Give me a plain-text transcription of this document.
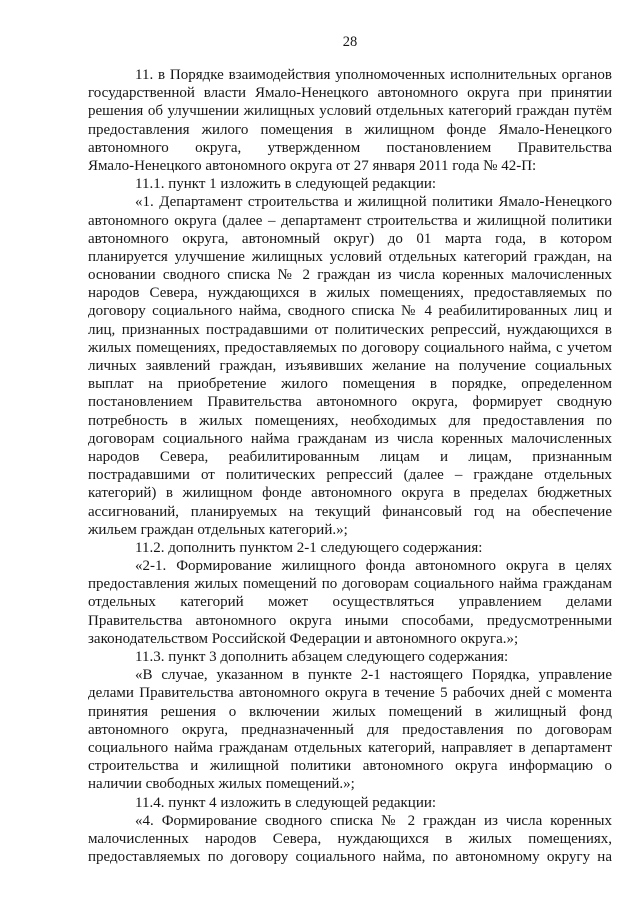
28
11. в Порядке взаимодействия уполномоченных исполнительных органов
государственной власти Ямало-Ненецкого автономного округа при принятии
решения об улучшении жилищных условий отдельных категорий граждан путём
предоставления жилого помещения в жилищном фонде Ямало-Ненецкого
автономного округа, утвержденном постановлением Правительства
Ямало-Ненецкого автономного округа от 27 января 2011 года № 42-П:
11.1. пункт 1 изложить в следующей редакции:
«1. Департамент строительства и жилищной политики Ямало-Ненецкого
автономного округа (далее – департамент строительства и жилищной политики
автономного округа, автономный округ) до 01 марта года, в котором
планируется улучшение жилищных условий отдельных категорий граждан, на
основании сводного списка № 2 граждан из числа коренных малочисленных
народов Севера, нуждающихся в жилых помещениях, предоставляемых по
договору социального найма, сводного списка № 4 реабилитированных лиц и
лиц, признанных пострадавшими от политических репрессий, нуждающихся в
жилых помещениях, предоставляемых по договору социального найма, с учетом
личных заявлений граждан, изъявивших желание на получение социальных
выплат на приобретение жилого помещения в порядке, определенном
постановлением Правительства автономного округа, формирует сводную
потребность в жилых помещениях, необходимых для предоставления по
договорам социального найма гражданам из числа коренных малочисленных
народов Севера, реабилитированным лицам и лицам, признанным
пострадавшими от политических репрессий (далее – граждане отдельных
категорий) в жилищном фонде автономного округа в пределах бюджетных
ассигнований, планируемых на текущий финансовый год на обеспечение
жильем граждан отдельных категорий.»;
11.2. дополнить пунктом 2-1 следующего содержания:
«2-1. Формирование жилищного фонда автономного округа в целях
предоставления жилых помещений по договорам социального найма гражданам
отдельных категорий может осуществляться управлением делами
Правительства автономного округа иными способами, предусмотренными
законодательством Российской Федерации и автономного округа.»;
11.3. пункт 3 дополнить абзацем следующего содержания:
«В случае, указанном в пункте 2-1 настоящего Порядка, управление
делами Правительства автономного округа в течение 5 рабочих дней с момента
принятия решения о включении жилых помещений в жилищный фонд
автономного округа, предназначенный для предоставления по договорам
социального найма гражданам отдельных категорий, направляет в департамент
строительства и жилищной политики автономного округа информацию о
наличии свободных жилых помещений.»;
11.4. пункт 4 изложить в следующей редакции:
«4. Формирование сводного списка № 2 граждан из числа коренных
малочисленных народов Севера, нуждающихся в жилых помещениях,
предоставляемых по договору социального найма, по автономному округу на
